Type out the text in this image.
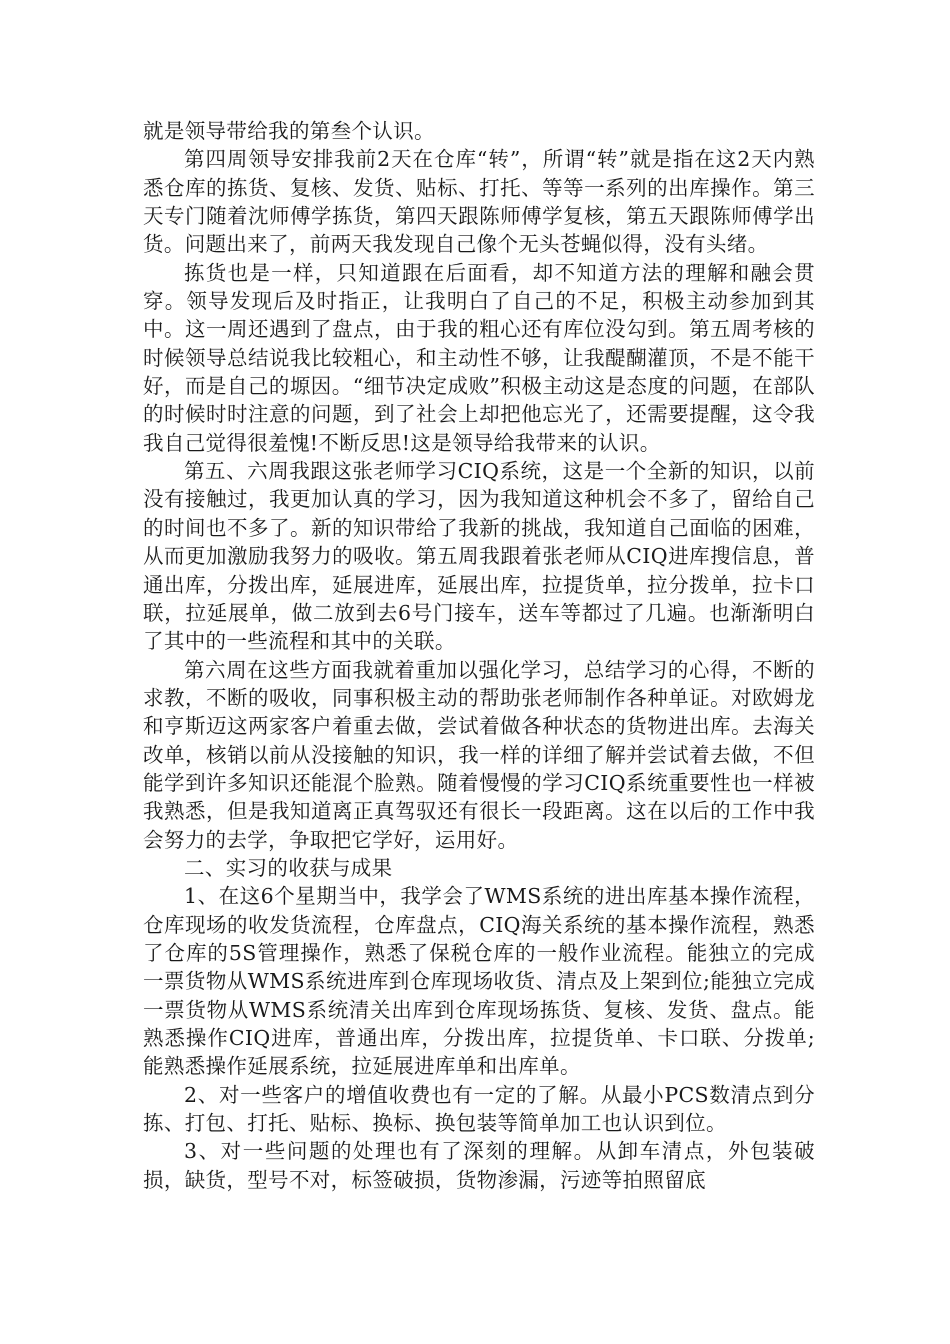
就是领导带给我的第叁个认识。

第四周领导安排我前2天在仓库“转”，所谓“转”就是指在这2天内熟悉仓库的拣货、复核、发货、贴标、打托、等等一系列的出库操作。第三天专门随着沈师傅学拣货，第四天跟陈师傅学复核，第五天跟陈师傅学出货。问题出来了，前两天我发现自己像个无头苍蝇似得，没有头绪。

拣货也是一样，只知道跟在后面看，却不知道方法的理解和融会贯穿。领导发现后及时指正，让我明白了自己的不足，积极主动参加到其中。这一周还遇到了盘点，由于我的粗心还有库位没勾到。第五周考核的时候领导总结说我比较粗心，和主动性不够，让我醍醐灌顶，不是不能干好，而是自己的塬因。“细节决定成败”积极主动这是态度的问题，在部队的时候时时注意的问题，到了社会上却把他忘光了，还需要提醒，这令我我自己觉得很羞愧!不断反思!这是领导给我带来的认识。

第五、六周我跟这张老师学习CIQ系统，这是一个全新的知识，以前没有接触过，我更加认真的学习，因为我知道这种机会不多了，留给自己的时间也不多了。新的知识带给了我新的挑战，我知道自己面临的困难，从而更加激励我努力的吸收。第五周我跟着张老师从CIQ进库搜信息，普通出库，分拨出库，延展进库，延展出库，拉提货单，拉分拨单，拉卡口联，拉延展单，做二放到去6号门接车，送车等都过了几遍。也渐渐明白了其中的一些流程和其中的关联。

第六周在这些方面我就着重加以强化学习，总结学习的心得，不断的求教，不断的吸收，同事积极主动的帮助张老师制作各种单证。对欧姆龙和亨斯迈这两家客户着重去做，尝试着做各种状态的货物进出库。去海关改单，核销以前从没接触的知识，我一样的详细了解并尝试着去做，不但能学到许多知识还能混个脸熟。随着慢慢的学习CIQ系统重要性也一样被我熟悉，但是我知道离正真驾驭还有很长一段距离。这在以后的工作中我会努力的去学，争取把它学好，运用好。

二、实习的收获与成果

1、在这6个星期当中，我学会了WMS系统的进出库基本操作流程，仓库现场的收发货流程，仓库盘点，CIQ海关系统的基本操作流程，熟悉了仓库的5S管理操作，熟悉了保税仓库的一般作业流程。能独立的完成一票货物从WMS系统进库到仓库现场收货、清点及上架到位;能独立完成一票货物从WMS系统清关出库到仓库现场拣货、复核、发货、盘点。能熟悉操作CIQ进库，普通出库，分拨出库，拉提货单、卡口联、分拨单;能熟悉操作延展系统，拉延展进库单和出库单。

2、对一些客户的增值收费也有一定的了解。从最小PCS数清点到分拣、打包、打托、贴标、换标、换包装等简单加工也认识到位。

3、对一些问题的处理也有了深刻的理解。从卸车清点，外包装破损，缺货，型号不对，标签破损，货物渗漏，污迹等拍照留底
